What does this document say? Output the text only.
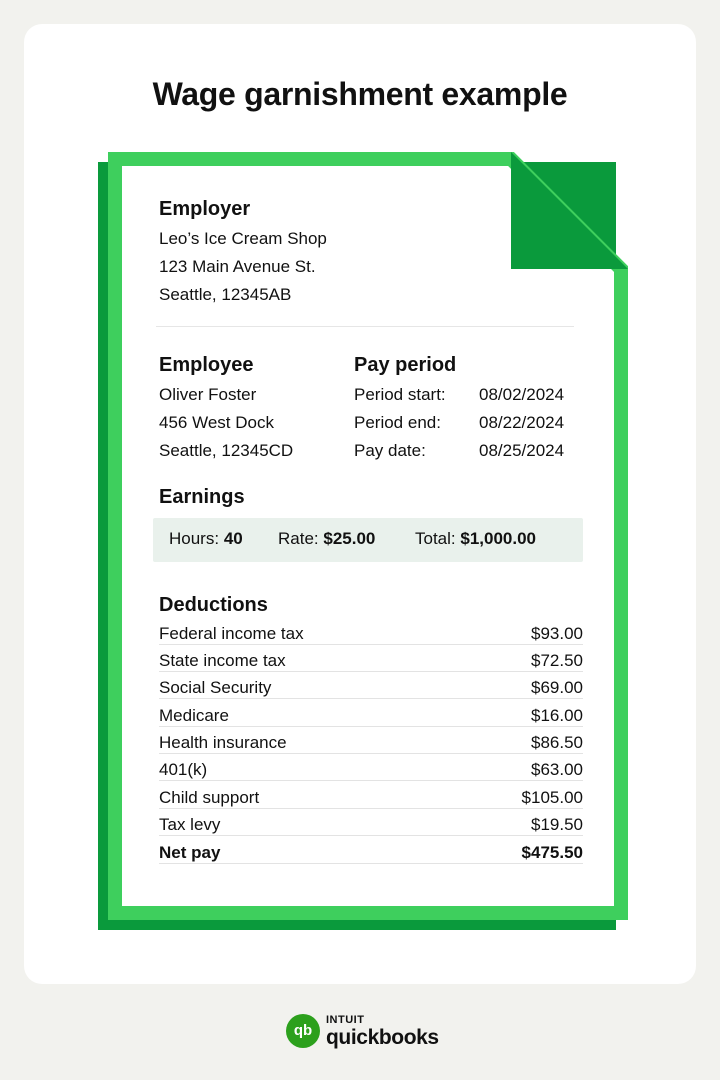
Wage garnishment example
Employer
Leo’s Ice Cream Shop
123 Main Avenue St.
Seattle, 12345AB
Employee
Oliver Foster
456 West Dock
Seattle, 12345CD
Pay period
Period start: 08/02/2024
Period end: 08/22/2024
Pay date:	08/25/2024
Earnings
Hours: 40 Rate: $25.00 Total: $1,000.00
Deductions
Federal income tax	$93.00
State income tax	$72.50
Social Security	$69.00
Medicare	$16.00
Health insurance	$86.50
401(k)	$63.00
Child support	$105.00
Tax levy	$19.50
Net pay	$475.50
qb
INTUIT
quickbooks
